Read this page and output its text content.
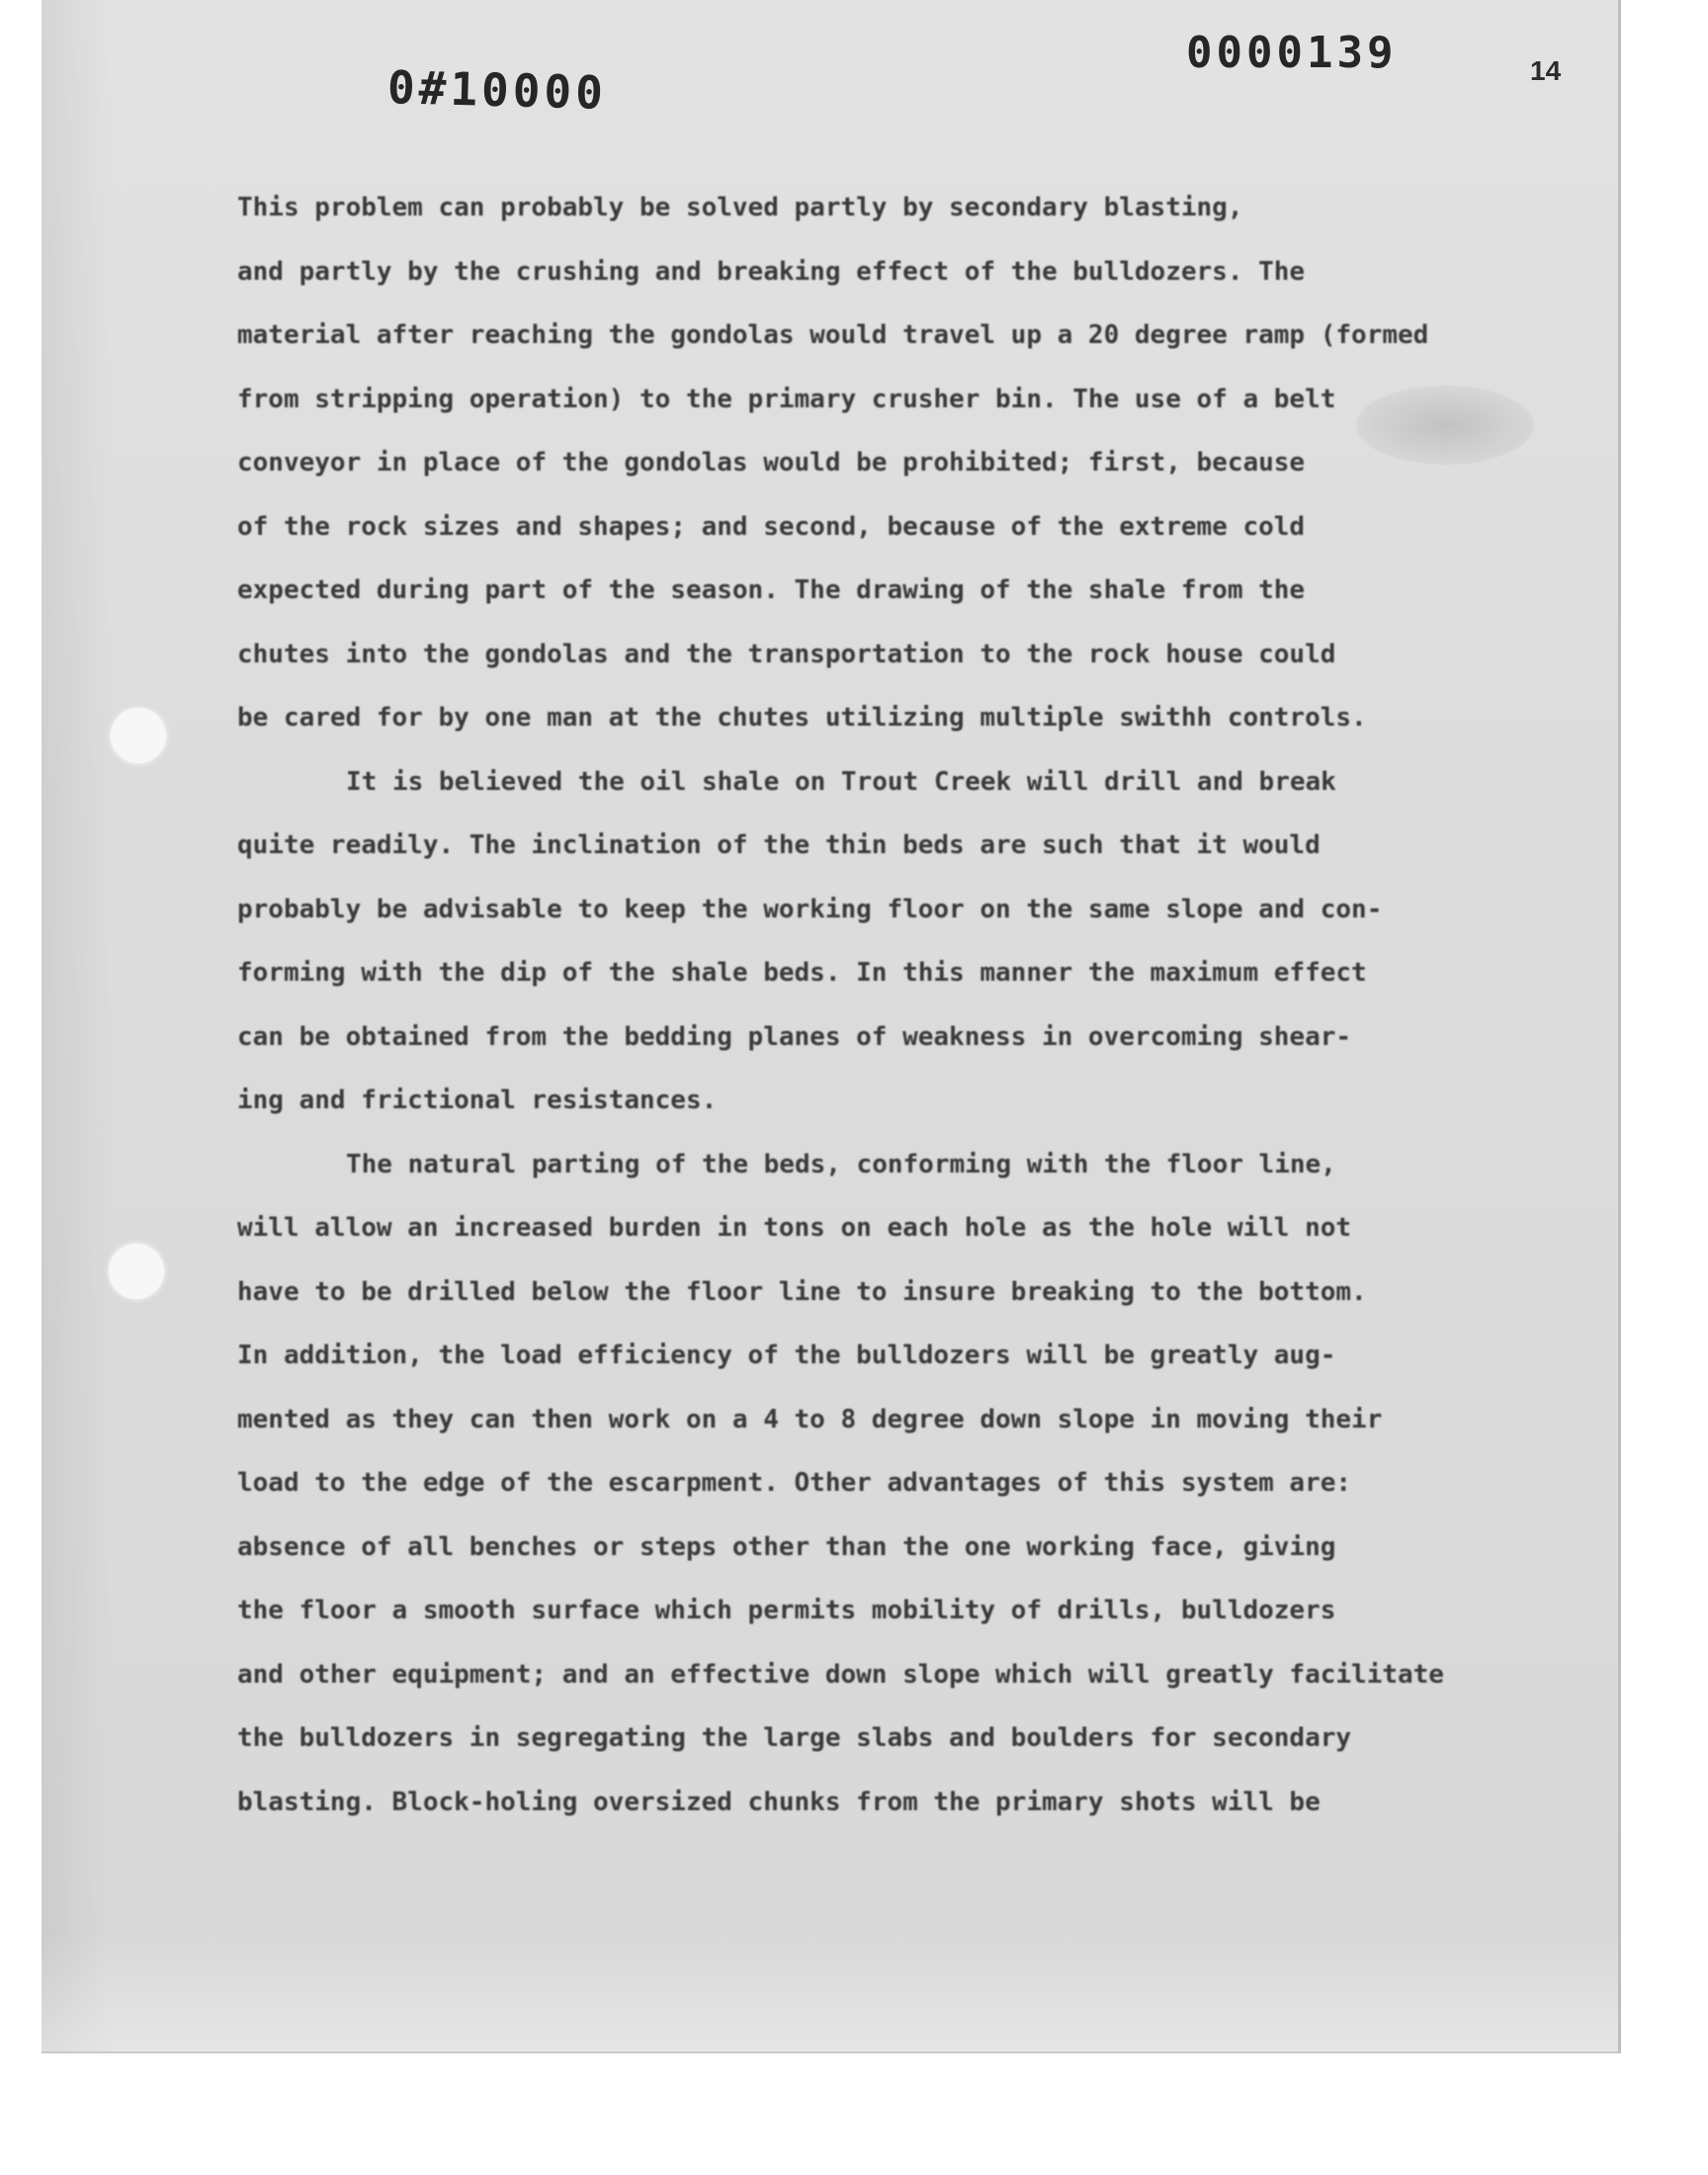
0#10000
0000139	14
This problem can probably be solved partly by secondary blasting,
and partly by the crushing and breaking effect of the bulldozers. The
material after reaching the gondolas would travel up a 20 degree ramp (formed
from stripping operation) to the primary crusher bin. The use of a belt
conveyor in place of the gondolas would be prohibited; first, because
of the rock sizes and shapes; and second, because of the extreme cold
expected during part of the season. The drawing of the shale from the
chutes into the gondolas and the transportation to the rock house could
be cared for by one man at the chutes utilizing multiple swithh controls.
It is believed the oil shale on Trout Creek will drill and break
quite readily. The inclination of the thin beds are such that it would
probably be advisable to keep the working floor on the same slope and con-
forming with the dip of the shale beds. In this manner the maximum effect
can be obtained from the bedding planes of weakness in overcoming shear-
ing and frictional resistances.
The natural parting of the beds, conforming with the floor line,
will allow an increased burden in tons on each hole as the hole will not
have to be drilled below the floor line to insure breaking to the bottom.
In addition, the load efficiency of the bulldozers will be greatly aug-
mented as they can then work on a 4 to 8 degree down slope in moving their
load to the edge of the escarpment. Other advantages of this system are:
absence of all benches or steps other than the one working face, giving
the floor a smooth surface which permits mobility of drills, bulldozers
and other equipment; and an effective down slope which will greatly facilitate
the bulldozers in segregating the large slabs and boulders for secondary
blasting. Block-holing oversized chunks from the primary shots will be
